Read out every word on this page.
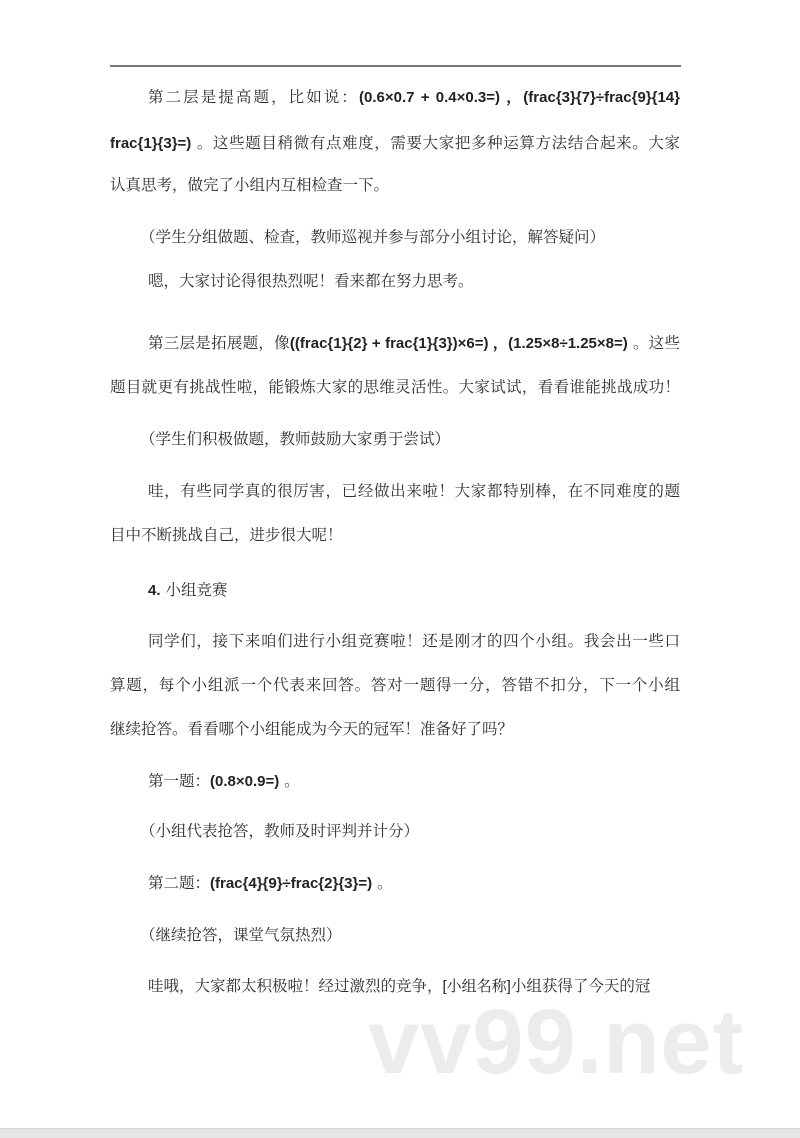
第二层是提高题，比如说：(0.6×0.7 + 0.4×0.3=) ，(frac{3}{7}÷frac{9}{14}
frac{1}{3}=) 。这些题目稍微有点难度，需要大家把多种运算方法结合起来。大家
认真思考，做完了小组内互相检查一下。
（学生分组做题、检查，教师巡视并参与部分小组讨论，解答疑问）
嗯，大家讨论得很热烈呢！看来都在努力思考。
第三层是拓展题，像((frac{1}{2} + frac{1}{3})×6=) ，(1.25×8÷1.25×8=) 。这些
题目就更有挑战性啦，能锻炼大家的思维灵活性。大家试试，看看谁能挑战成功！
（学生们积极做题，教师鼓励大家勇于尝试）
哇，有些同学真的很厉害，已经做出来啦！大家都特别棒，在不同难度的题
目中不断挑战自己，进步很大呢！
4. 小组竞赛
同学们，接下来咱们进行小组竞赛啦！还是刚才的四个小组。我会出一些口
算题，每个小组派一个代表来回答。答对一题得一分，答错不扣分，下一个小组
继续抢答。看看哪个小组能成为今天的冠军！准备好了吗？
第一题：(0.8×0.9=) 。
（小组代表抢答，教师及时评判并计分）
第二题：(frac{4}{9}÷frac{2}{3}=) 。
（继续抢答，课堂气氛热烈）
哇哦，大家都太积极啦！经过激烈的竞争，[小组名称]小组获得了今天的冠
vv99.net
